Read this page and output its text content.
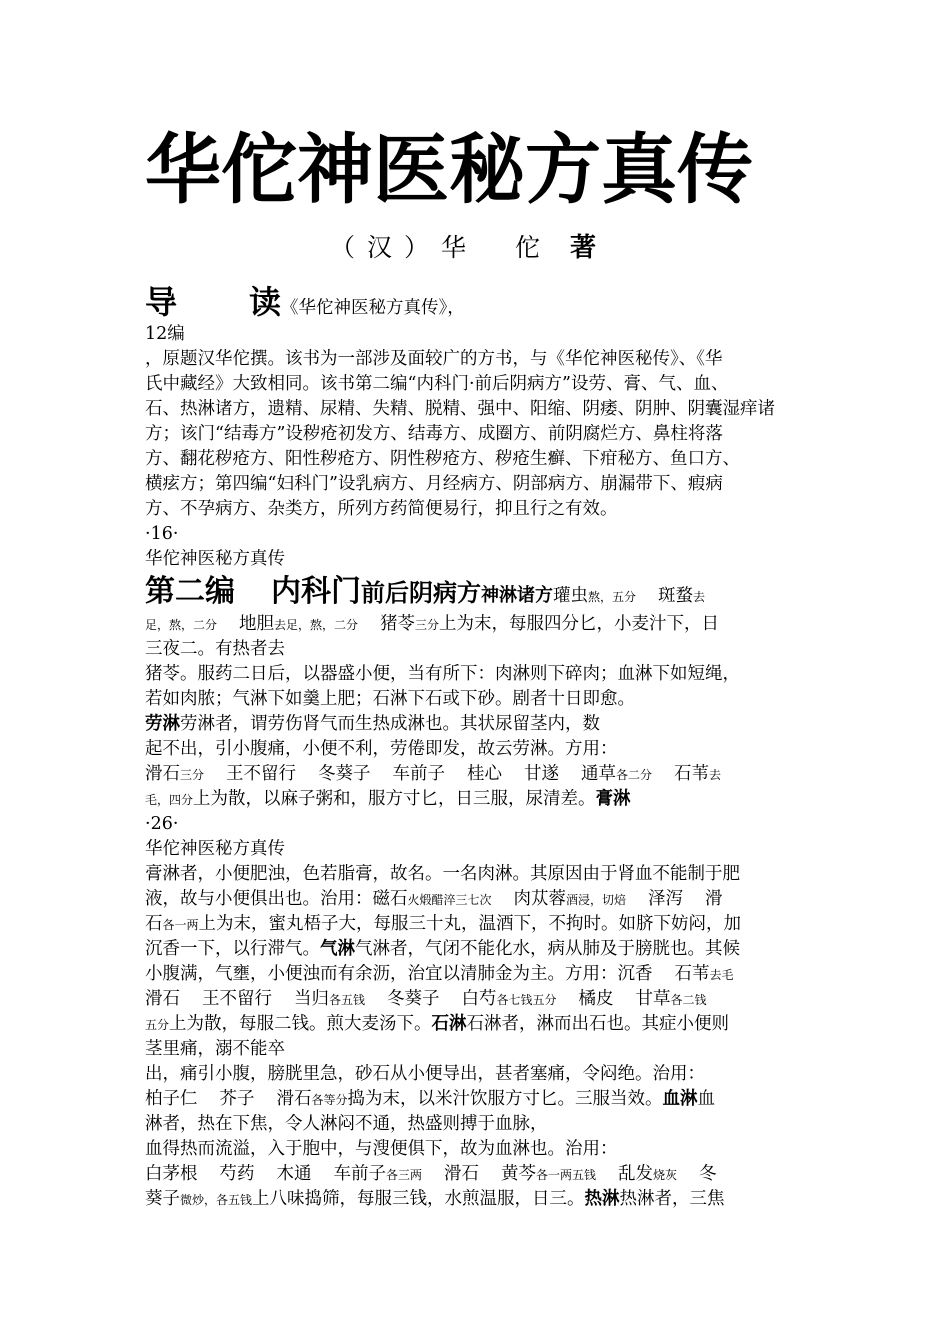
华佗神医秘方真传
（汉）华　佗 著
导 读《华佗神医秘方真传》，
12编
，原题汉华佗撰。该书为一部涉及面较广的方书，与《华佗神医秘传》、《华
氏中藏经》大致相同。该书第二编“内科门·前后阴病方”设劳、膏、气、血、
石、热淋诸方，遗精、尿精、失精、脱精、强中、阳缩、阴痿、阴肿、阴囊湿痒诸
方；该门“结毒方”设秽疮初发方、结毒方、成圈方、前阴腐烂方、鼻柱将落
方、翻花秽疮方、阳性秽疮方、阴性秽疮方、秽疮生癣、下疳秘方、鱼口方、
横痃方；第四编“妇科门”设乳病方、月经病方、阴部病方、崩漏带下、瘕病
方、不孕病方、杂类方，所列方药简便易行，抑且行之有效。
·16·
华佗神医秘方真传
第二编 内科门前后阴病方神淋诸方瓘虫熬，五分 斑蝥去
足，熬，二分 地胆去足，熬，二分 猪苓三分上为末，每服四分匕，小麦汁下，日
三夜二。有热者去
猪苓。服药二日后，以器盛小便，当有所下：肉淋则下碎肉；血淋下如短绳，
若如肉脓；气淋下如羹上肥；石淋下石或下砂。剧者十日即愈。
劳淋劳淋者，谓劳伤肾气而生热成淋也。其状尿留茎内，数
起不出，引小腹痛，小便不利，劳倦即发，故云劳淋。方用：
滑石三分 王不留行 冬葵子 车前子 桂心 甘遂 通草各二分 石苇去
毛，四分上为散，以麻子粥和，服方寸匕，日三服，尿清差。膏淋
·26·
华佗神医秘方真传
膏淋者，小便肥浊，色若脂膏，故名。一名肉淋。其原因由于肾血不能制于肥
液，故与小便俱出也。治用：磁石火煅醋淬三七次 肉苁蓉酒浸，切焙 泽泻 滑
石各一两上为末，蜜丸梧子大，每服三十丸，温酒下，不拘时。如脐下妨闷，加
沉香一下，以行滞气。气淋气淋者，气闭不能化水，病从肺及于膀胱也。其候
小腹满，气壅，小便浊而有余沥，治宜以清肺金为主。方用：沉香 石苇去毛
滑石 王不留行 当归各五钱 冬葵子 白芍各七钱五分 橘皮 甘草各二钱
五分上为散，每服二钱。煎大麦汤下。石淋石淋者，淋而出石也。其症小便则
茎里痛，溺不能卒
出，痛引小腹，膀胱里急，砂石从小便导出，甚者塞痛，令闷绝。治用：
柏子仁 芥子 滑石各等分捣为末，以米汁饮服方寸匕。三服当效。血淋血
淋者，热在下焦，令人淋闷不通，热盛则搏于血脉，
血得热而流溢，入于胞中，与溲便俱下，故为血淋也。治用：
白茅根 芍药 木通 车前子各三两 滑石 黄芩各一两五钱 乱发烧灰 冬
葵子微炒，各五钱上八味捣筛，每服三钱，水煎温服，日三。热淋热淋者，三焦
